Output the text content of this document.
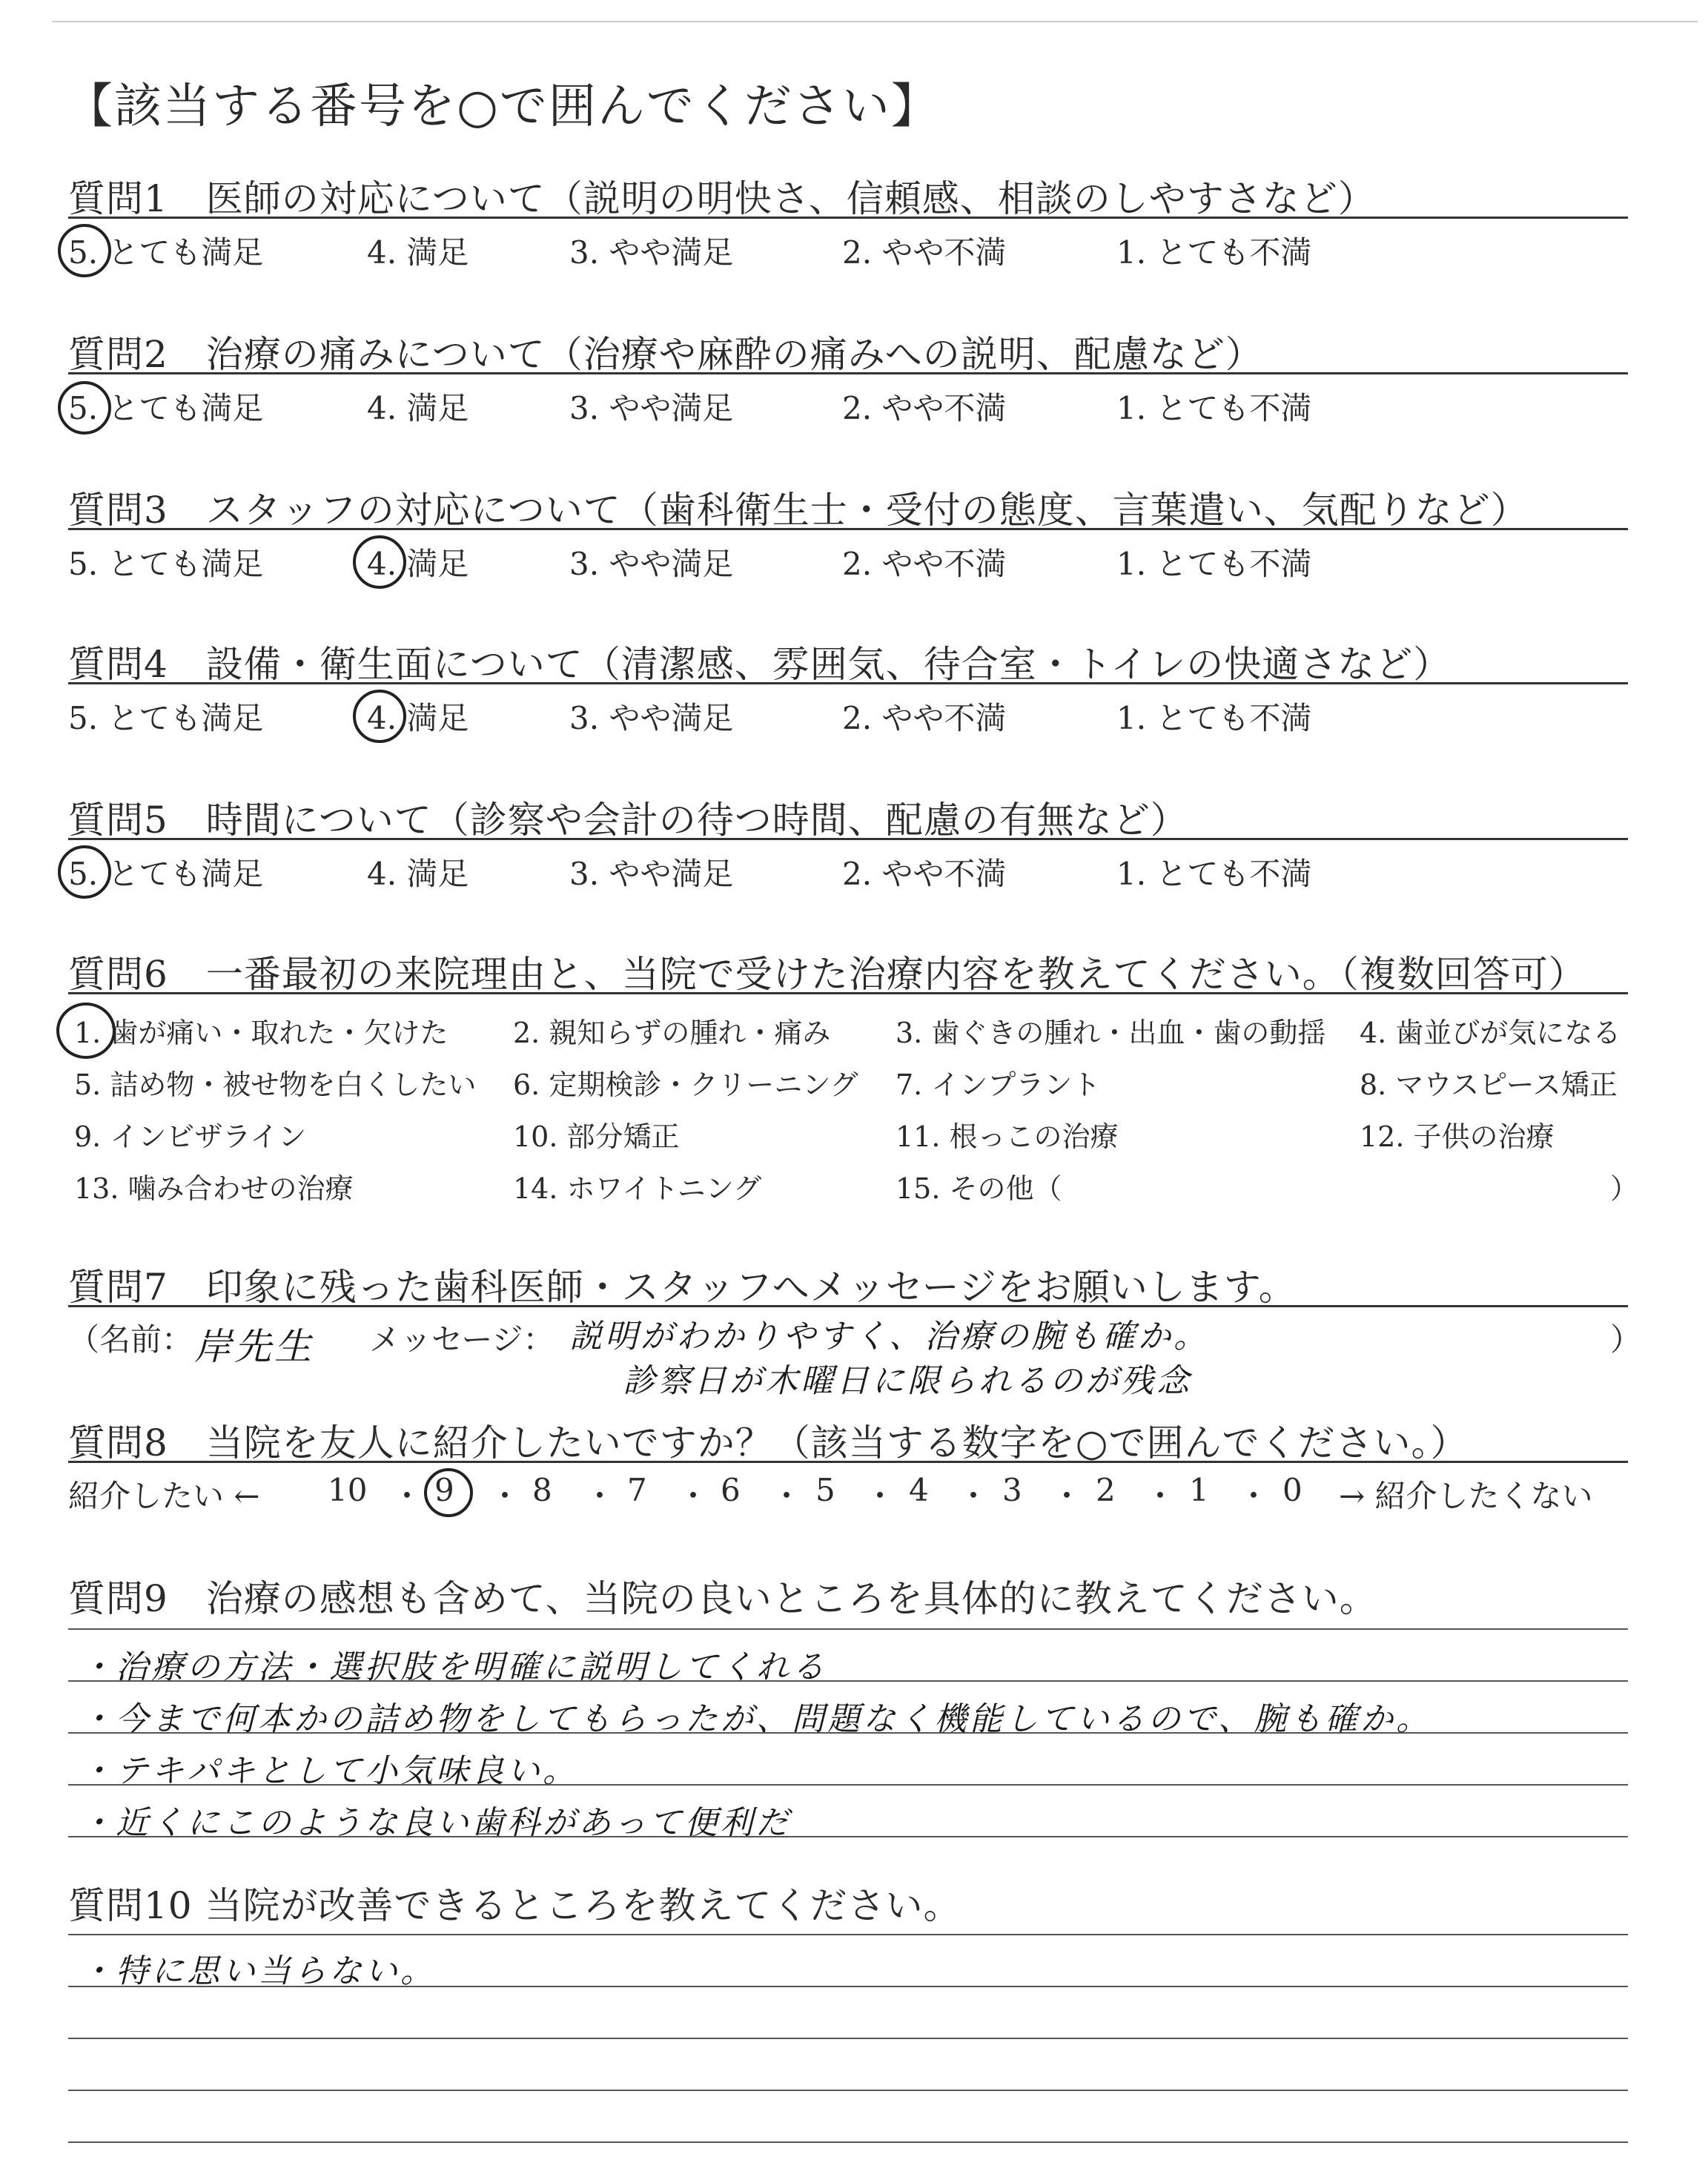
【該当する番号を○で囲んでください】
質問1　医師の対応について（説明の明快さ、信頼感、相談のしやすさなど）
5. とても満足	4. 満足	3. やや満足	2. やや不満	1. とても不満
質問2　治療の痛みについて（治療や麻酔の痛みへの説明、配慮など）
5. とても満足	4. 満足	3. やや満足	2. やや不満	1. とても不満
質問3　スタッフの対応について（歯科衛生士・受付の態度、言葉遣い、気配りなど）
5. とても満足	4. 満足	3. やや満足	2. やや不満	1. とても不満
質問4　設備・衛生面について（清潔感、雰囲気、待合室・トイレの快適さなど）
5. とても満足	4. 満足	3. やや満足	2. やや不満	1. とても不満
質問5　時間について（診察や会計の待つ時間、配慮の有無など）
5. とても満足	4. 満足	3. やや満足	2. やや不満	1. とても不満
質問6　一番最初の来院理由と、当院で受けた治療内容を教えてください。（複数回答可）
1. 歯が痛い・取れた・欠けた 2. 親知らずの腫れ・痛み 3. 歯ぐきの腫れ・出血・歯の動揺 4. 歯並びが気になる
5. 詰め物・被せ物を白くしたい 6. 定期検診・クリーニング 7. インプラント	8. マウスピース矯正
9. インビザライン	10. 部分矯正	11. 根っこの治療	12. 子供の治療
13. 噛み合わせの治療	14. ホワイトニング	15. その他（	）
質問7　印象に残った歯科医師・スタッフへメッセージをお願いします。
（名前： 岸先生 メッセージ： 説明がわかりやすく、治療の腕も確か。
診察日が木曜日に限られるのが残念
）
質問8　当院を友人に紹介したいですか？（該当する数字を○で囲んでください。）
紹介したい ← 10 9	8 7 6 5 4 3 2 1 0 → 紹介したくない
・ ・ ・ ・ ・ ・ ・ ・ ・ ・
質問9　治療の感想も含めて、当院の良いところを具体的に教えてください。
・治療の方法・選択肢を明確に説明してくれる
・今まで何本かの詰め物をしてもらったが、問題なく機能しているので、腕も確か。
・テキパキとして小気味良い。
・近くにこのような良い歯科があって便利だ
質問10 当院が改善できるところを教えてください。
・特に思い当らない。
